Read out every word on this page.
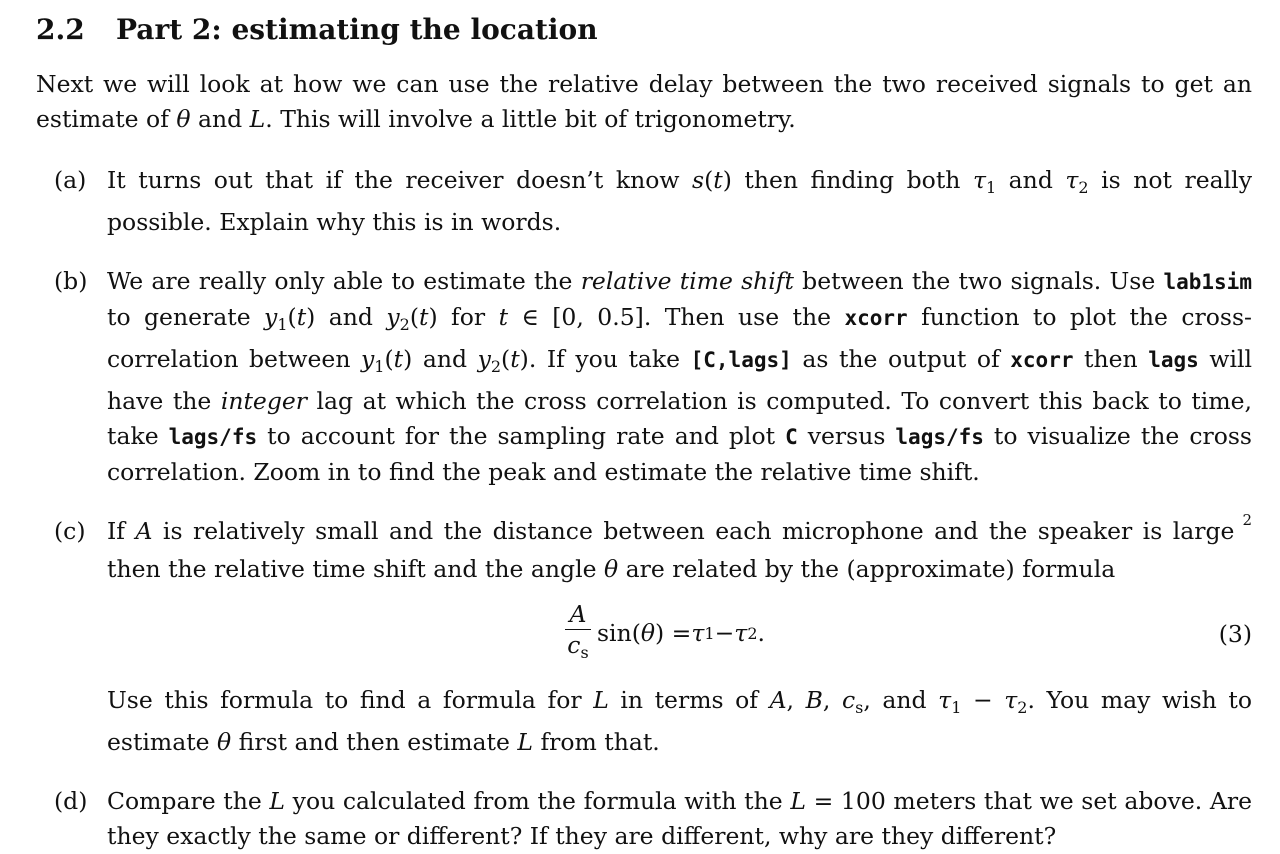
2.2 Part 2: estimating the location

Next we will look at how we can use the relative delay between the two received signals to get an estimate of θ and L. This will involve a little bit of trigonometry.

(a) It turns out that if the receiver doesn’t know s(t) then finding both $\tau_1$ and $\tau_2$ is not really possible. Explain why this is in words.

(b) We are really only able to estimate the relative time shift between the two signals. Use lab1sim to generate $y_1(t)$ and $y_2(t)$ for t ∈ [0, 0.5]. Then use the xcorr function to plot the cross-correlation between $y_1(t)$ and $y_2(t)$. If you take [C,lags] as the output of xcorr then lags will have the integer lag at which the cross correlation is computed. To convert this back to time, take lags/fs to account for the sampling rate and plot C versus lags/fs to visualize the cross correlation. Zoom in to find the peak and estimate the relative time shift.

(c) If A is relatively small and the distance between each microphone and the speaker is large $^2$ then the relative time shift and the angle θ are related by the (approximate) formula

$\frac{A}{c_s} \sin$( θ ) = τ 1 − τ 2 .	(3)

Use this formula to find a formula for L in terms of A, B, $c_s$, and $\tau_1 - \tau_2$. You may wish to estimate θ first and then estimate L from that.

(d) Compare the L you calculated from the formula with the L = 100 meters that we set above. Are they exactly the same or different? If they are different, why are they different?
